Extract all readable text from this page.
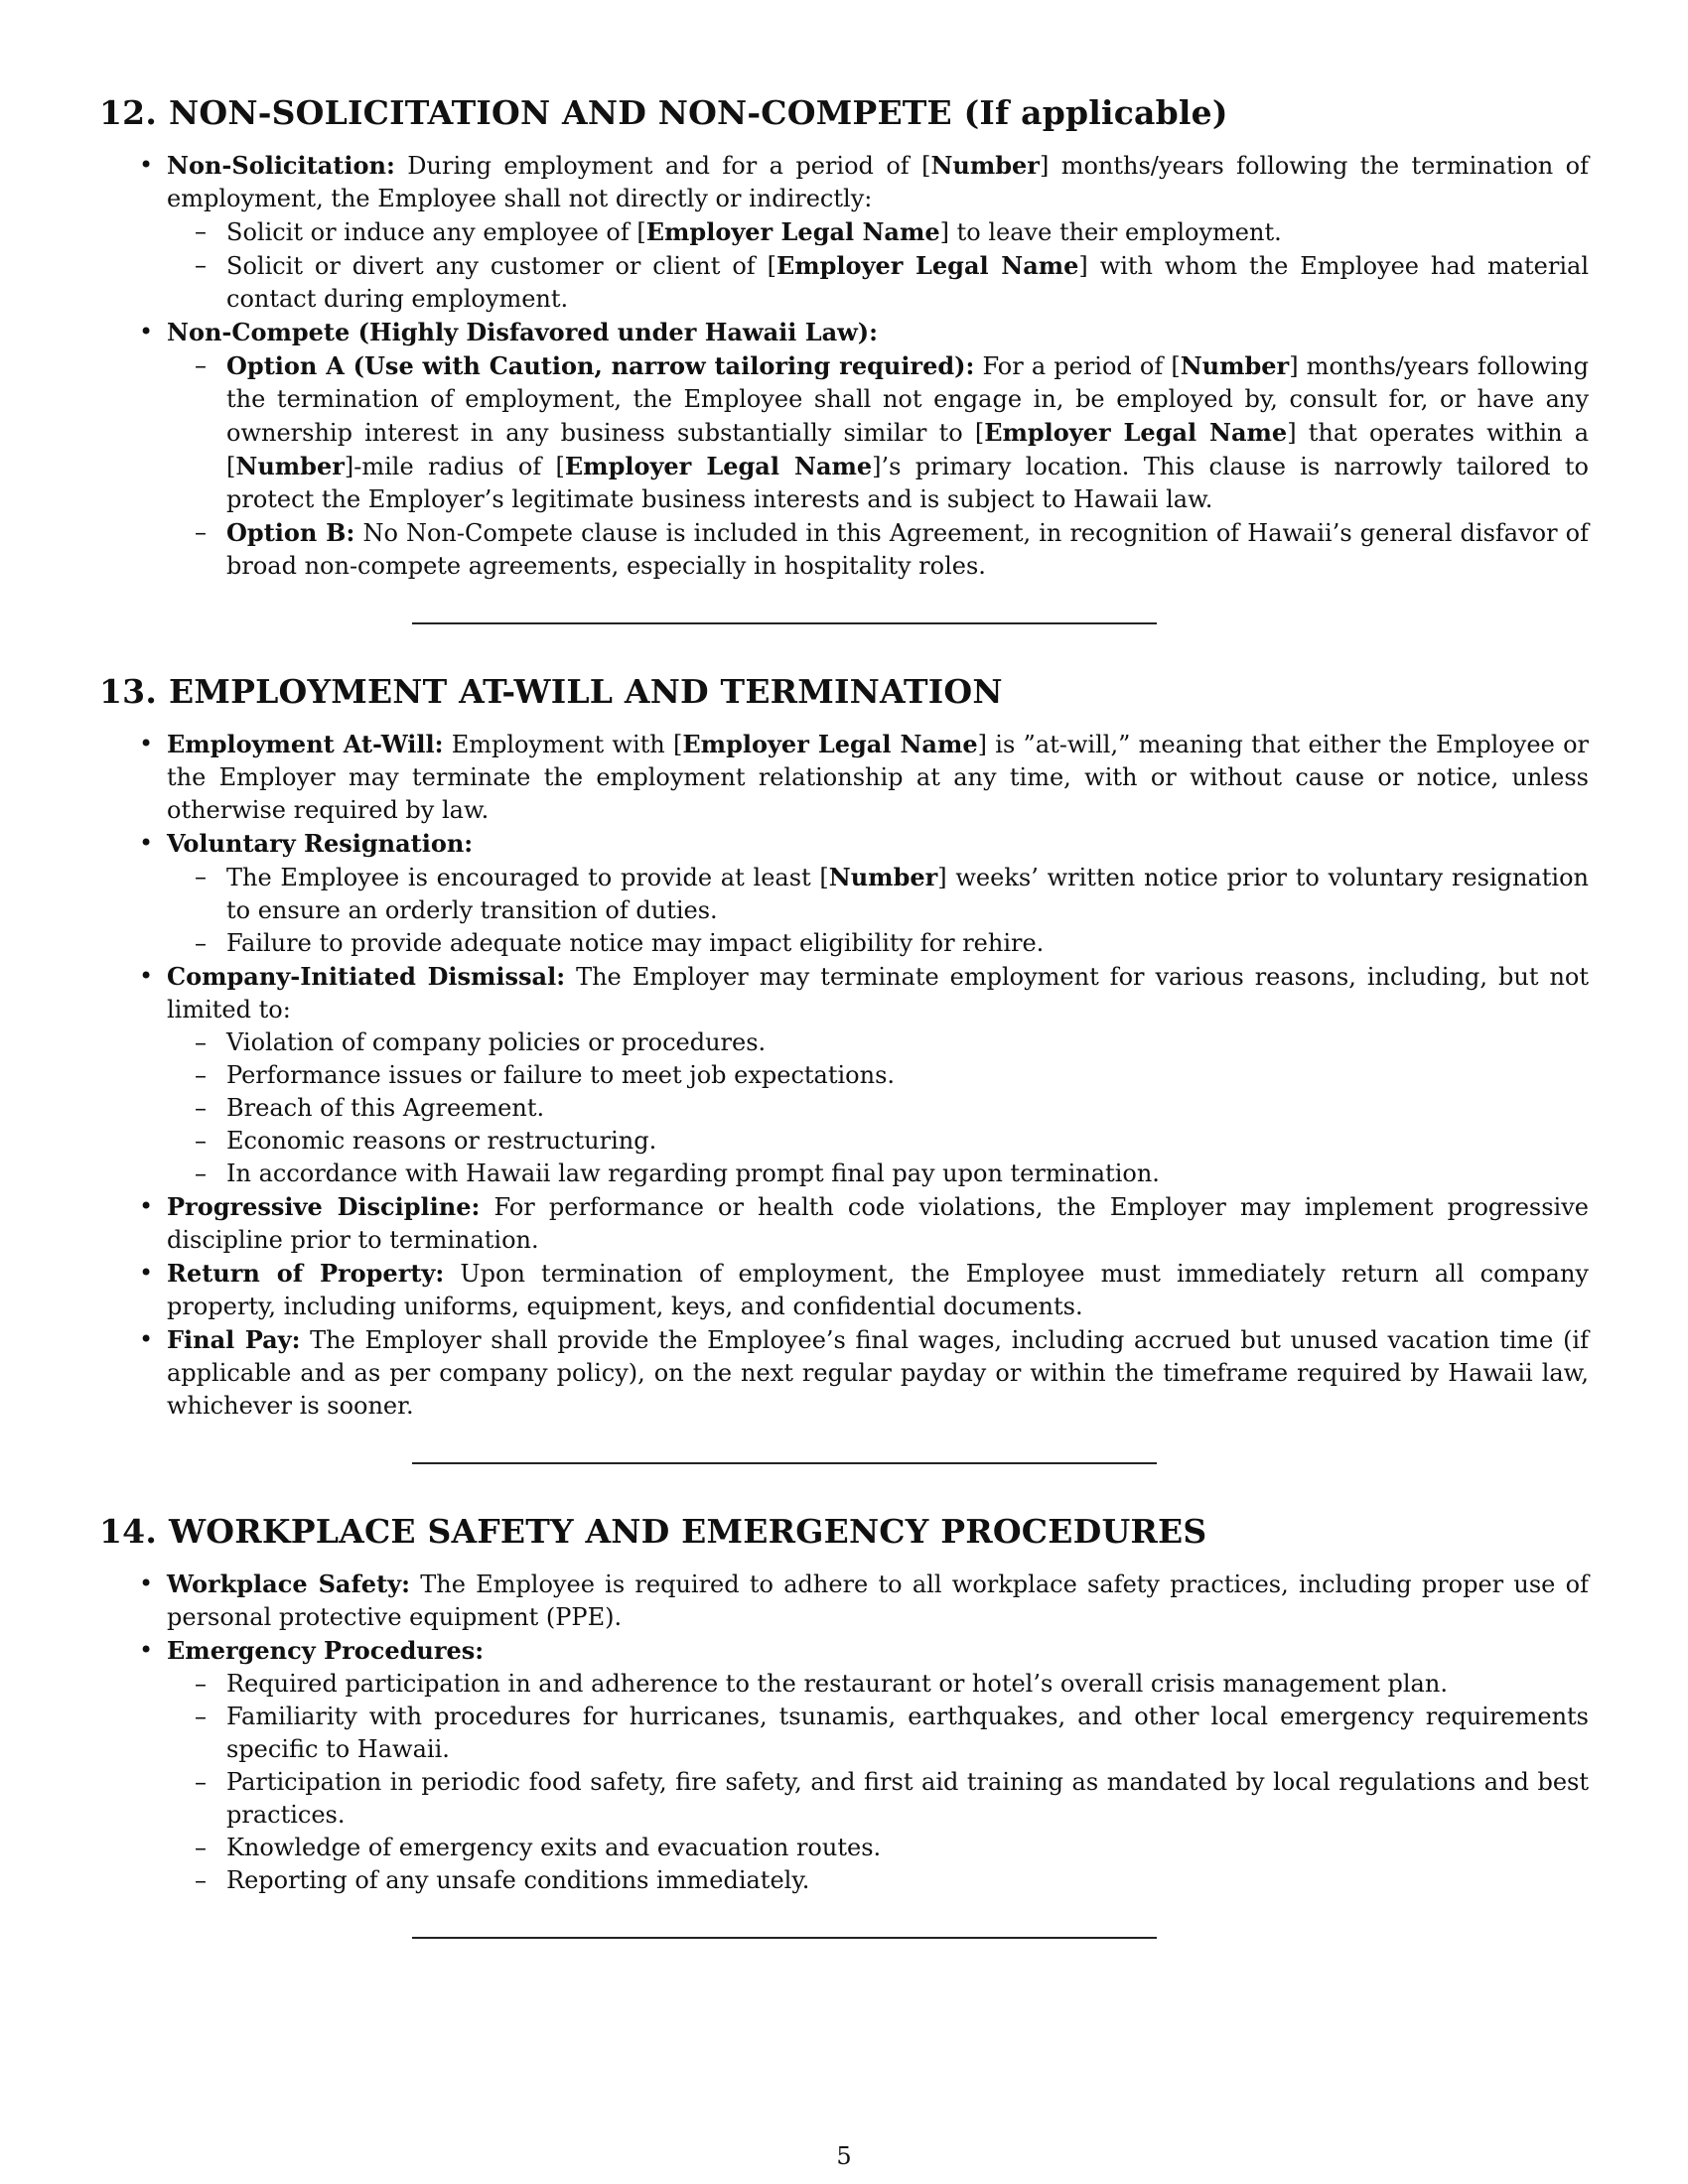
12. NON-SOLICITATION AND NON-COMPETE (If applicable)
• Non-Solicitation: During employment and for a period of [Number] months/years following the termination of employment, the Employee shall not directly or indirectly:
– Solicit or induce any employee of [Employer Legal Name] to leave their employment.
– Solicit or divert any customer or client of [Employer Legal Name] with whom the Employee had material contact during employment.
• Non-Compete (Highly Disfavored under Hawaii Law):
– Option A (Use with Caution, narrow tailoring required): For a period of [Number] months/years following the termination of employment, the Employee shall not engage in, be employed by, consult for, or have any ownership interest in any business substantially similar to [Employer Legal Name] that operates within a [Number]-mile radius of [Employer Legal Name]’s primary location. This clause is narrowly tailored to protect the Employer’s legitimate business interests and is subject to Hawaii law.
– Option B: No Non-Compete clause is included in this Agreement, in recognition of Hawaii’s general disfavor of broad non-compete agreements, especially in hospitality roles.
13. EMPLOYMENT AT-WILL AND TERMINATION
• Employment At-Will: Employment with [Employer Legal Name] is ”at-will,” meaning that either the Employee or the Employer may terminate the employment relationship at any time, with or without cause or notice, unless otherwise required by law.
• Voluntary Resignation:
– The Employee is encouraged to provide at least [Number] weeks’ written notice prior to voluntary resignation to ensure an orderly transition of duties.
– Failure to provide adequate notice may impact eligibility for rehire.
• Company-Initiated Dismissal: The Employer may terminate employment for various reasons, including, but not limited to:
– Violation of company policies or procedures.
– Performance issues or failure to meet job expectations.
– Breach of this Agreement.
– Economic reasons or restructuring.
– In accordance with Hawaii law regarding prompt final pay upon termination.
• Progressive Discipline: For performance or health code violations, the Employer may implement progressive discipline prior to termination.
• Return of Property: Upon termination of employment, the Employee must immediately return all company property, including uniforms, equipment, keys, and confidential documents.
• Final Pay: The Employer shall provide the Employee’s final wages, including accrued but unused vacation time (if applicable and as per company policy), on the next regular payday or within the timeframe required by Hawaii law, whichever is sooner.
14. WORKPLACE SAFETY AND EMERGENCY PROCEDURES
• Workplace Safety: The Employee is required to adhere to all workplace safety practices, including proper use of personal protective equipment (PPE).
• Emergency Procedures:
– Required participation in and adherence to the restaurant or hotel’s overall crisis management plan.
– Familiarity with procedures for hurricanes, tsunamis, earthquakes, and other local emergency requirements specific to Hawaii.
– Participation in periodic food safety, fire safety, and first aid training as mandated by local regulations and best practices.
– Knowledge of emergency exits and evacuation routes.
– Reporting of any unsafe conditions immediately.
5
